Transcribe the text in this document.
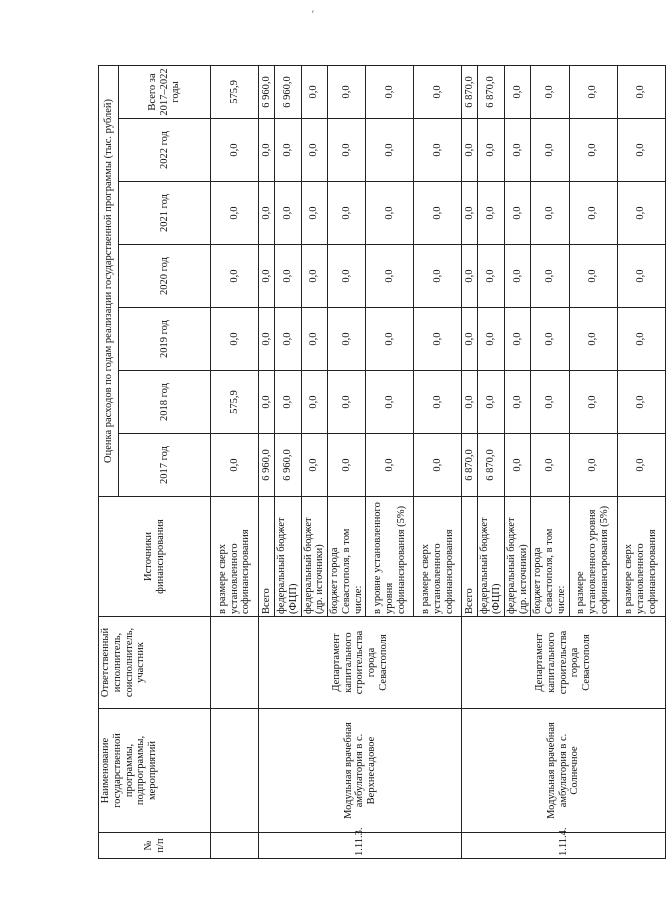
′
№ п/п	Наименование государственной программы, подпрограммы, мероприятий	Ответственный исполнитель, соисполнитель, участник	Источники финансирования	Оценка расходов по годам реализации государственной программы (тыс. рублей)						
				2017 год	2018 год	2019 год	2020 год	2021 год	2022 год	Всего за 2017–2022 годы
			в размере сверх установленного софинансирования	0,0	575,9	0,0	0,0	0,0	0,0	575,9
1.11.3.	Модульная врачебная амбулатория в с. Верхнесадовое	Департамент капитального строительства города Севастополя	Всего	6 960,0	0,0	0,0	0,0	0,0	0,0	6 960,0
			федеральный бюджет (ФЦП)	6 960,0	0,0	0,0	0,0	0,0	0,0	6 960,0
			федеральный бюджет (др. источники)	0,0	0,0	0,0	0,0	0,0	0,0	0,0
			бюджет города Севастополя, в том числе:	0,0	0,0	0,0	0,0	0,0	0,0	0,0
			в уровне установленного уровня софинансирования (5%)	0,0	0,0	0,0	0,0	0,0	0,0	0,0
			в размере сверх установленного софинансирования	0,0	0,0	0,0	0,0	0,0	0,0	0,0
1.11.4.	Модульная врачебная амбулатория в с. Солнечное	Департамент капитального строительства города Севастополя	Всего	6 870,0	0,0	0,0	0,0	0,0	0,0	6 870,0
			федеральный бюджет (ФЦП)	6 870,0	0,0	0,0	0,0	0,0	0,0	6 870,0
			федеральный бюджет (др. источники)	0,0	0,0	0,0	0,0	0,0	0,0	0,0
			бюджет города Севастополя, в том числе:	0,0	0,0	0,0	0,0	0,0	0,0	0,0
			в размере установленного уровня софинансирования (5%)	0,0	0,0	0,0	0,0	0,0	0,0	0,0
			в размере сверх установленного софинансирования	0,0	0,0	0,0	0,0	0,0	0,0	0,0
